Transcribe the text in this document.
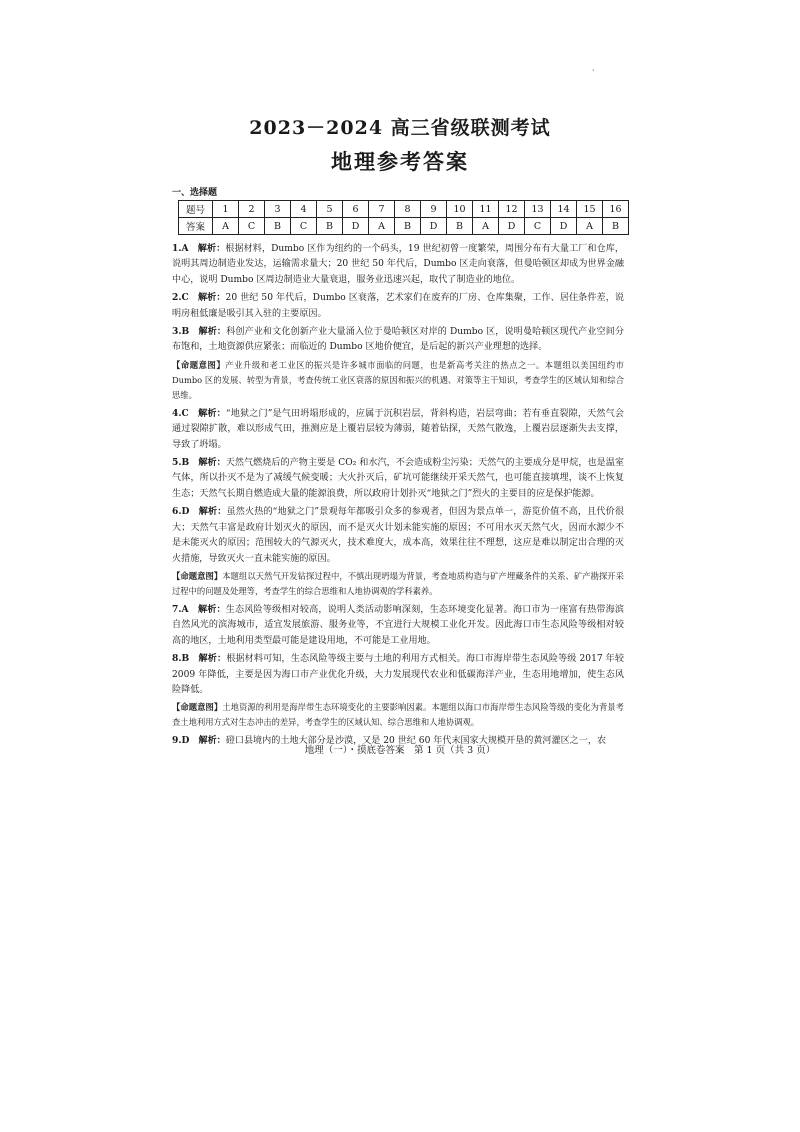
·
2023－2024 高三省级联测考试
地理参考答案
一、选择题
题号	1	2	3	4	5	6	7	8	9	10	11	12	13	14	15	16
答案	A	C	B	C	B	D	A	B	D	B	A	D	C	D	A	B
1.A　解析：根据材料，Dumbo 区作为纽约的一个码头，19 世纪初曾一度繁荣，周围分布有大量工厂和仓库，说明其周边制造业发达，运输需求量大；20 世纪 50 年代后，Dumbo 区走向衰落，但曼哈顿区却成为世界金融中心，说明 Dumbo 区周边制造业大量衰退，服务业迅速兴起，取代了制造业的地位。
2.C　解析：20 世纪 50 年代后，Dumbo 区衰落，艺术家们在废弃的厂房、仓库集聚，工作、居住条件差，说明房租低廉是吸引其入驻的主要原因。
3.B　解析：科创产业和文化创新产业大量涌入位于曼哈顿区对岸的 Dumbo 区，说明曼哈顿区现代产业空间分布饱和，土地资源供应紧张；而临近的 Dumbo 区地价便宜，是后起的新兴产业理想的选择。
【命题意图】产业升级和老工业区的振兴是许多城市面临的问题，也是新高考关注的热点之一。本题组以美国纽约市 Dumbo 区的发展、转型为背景，考查传统工业区衰落的原因和振兴的机遇、对策等主干知识，考查学生的区域认知和综合思维。
4.C　解析：“地狱之门”是气田坍塌形成的，应属于沉积岩层，背斜构造，岩层弯曲；若有垂直裂隙，天然气会通过裂隙扩散，难以形成气田，推测应是上覆岩层较为薄弱，随着钻探，天然气散逸，上覆岩层逐渐失去支撑，导致了坍塌。
5.B　解析：天然气燃烧后的产物主要是 CO₂ 和水汽，不会造成粉尘污染；天然气的主要成分是甲烷，也是温室气体，所以扑灭不是为了减缓气候变暖；大火扑灭后，矿坑可能继续开采天然气，也可能直接填埋，谈不上恢复生态；天然气长期自燃造成大量的能源浪费，所以政府计划扑灭“地狱之门”烈火的主要目的应是保护能源。
6.D　解析：虽然火热的“地狱之门”景观每年都吸引众多的参观者，但因为景点单一，游览价值不高，且代价很大；天然气丰富是政府计划灭火的原因，而不是灭火计划未能实施的原因；不可用水灭天然气火，因而水源少不是未能灭火的原因；范围较大的气源灭火，技术难度大，成本高，效果往往不理想，这应是难以制定出合理的灭火措施，导致灭火一直未能实施的原因。
【命题意图】本题组以天然气开发钻探过程中，不慎出现坍塌为背景，考查地质构造与矿产埋藏条件的关系、矿产勘探开采过程中的问题及处理等，考查学生的综合思维和人地协调观的学科素养。
7.A　解析：生态风险等级相对较高，说明人类活动影响深刻，生态环境变化显著。海口市为一座富有热带海滨自然风光的滨海城市，适宜发展旅游、服务业等，不宜进行大规模工业化开发。因此海口市生态风险等级相对较高的地区，土地利用类型最可能是建设用地，不可能是工业用地。
8.B　解析：根据材料可知，生态风险等级主要与土地的利用方式相关。海口市海岸带生态风险等级 2017 年较 2009 年降低，主要是因为海口市产业优化升级，大力发展现代农业和低碳海洋产业，生态用地增加，使生态风险降低。
【命题意图】土地资源的利用是海岸带生态环境变化的主要影响因素。本题组以海口市海岸带生态风险等级的变化为背景考查土地利用方式对生态冲击的差异，考查学生的区域认知、综合思维和人地协调观。
9.D　解析：磴口县境内的土地大部分是沙漠，又是 20 世纪 60 年代末国家大规模开垦的黄河灌区之一，农
地理（一）・摸底卷答案　第 1 页（共 3 页）
